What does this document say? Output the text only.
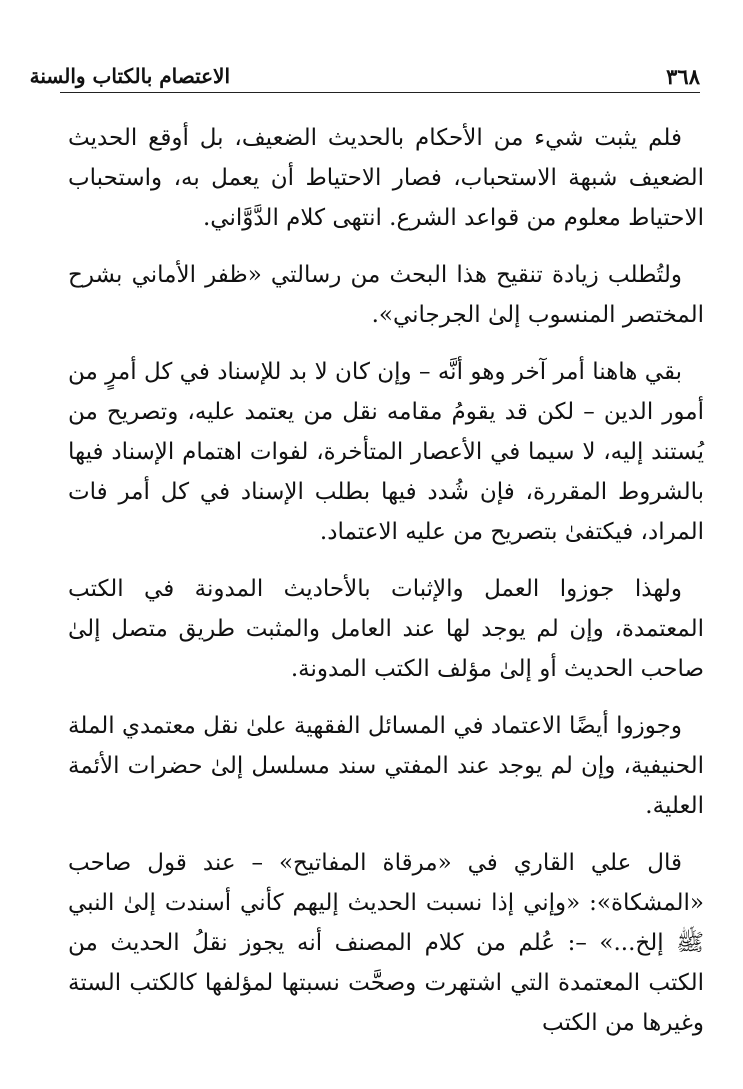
٣٦٨
الاعتصام بالكتاب والسنة

فلم يثبت شيء من الأحكام بالحديث الضعيف، بل أوقع الحديث الضعيف شبهة الاستحباب، فصار الاحتياط أن يعمل به، واستحباب الاحتياط معلوم من قواعد الشرع. انتهى كلام الدَّوَّاني.

ولتُطلب زيادة تنقيح هذا البحث من رسالتي «ظفر الأماني بشرح المختصر المنسوب إلىٰ الجرجاني».

بقي هاهنا أمر آخر وهو أنَّه – وإن كان لا بد للإسناد في كل أمرٍ من أمور الدين – لكن قد يقومُ مقامه نقل من يعتمد عليه، وتصريح من يُستند إليه، لا سيما في الأعصار المتأخرة، لفوات اهتمام الإسناد فيها بالشروط المقررة، فإن شُدد فيها بطلب الإسناد في كل أمر فات المراد، فيكتفىٰ بتصريح من عليه الاعتماد.

ولهذا جوزوا العمل والإثبات بالأحاديث المدونة في الكتب المعتمدة، وإن لم يوجد لها عند العامل والمثبت طريق متصل إلىٰ صاحب الحديث أو إلىٰ مؤلف الكتب المدونة.

وجوزوا أيضًا الاعتماد في المسائل الفقهية علىٰ نقل معتمدي الملة الحنيفية، وإن لم يوجد عند المفتي سند مسلسل إلىٰ حضرات الأئمة العلية.

قال علي القاري في «مرقاة المفاتيح» – عند قول صاحب «المشكاة»: «وإني إذا نسبت الحديث إليهم كأني أسندت إلىٰ النبي ﷺ إلخ...» –: عُلم من كلام المصنف أنه يجوز نقلُ الحديث من الكتب المعتمدة التي اشتهرت وصحَّت نسبتها لمؤلفها كالكتب الستة وغيرها من الكتب
